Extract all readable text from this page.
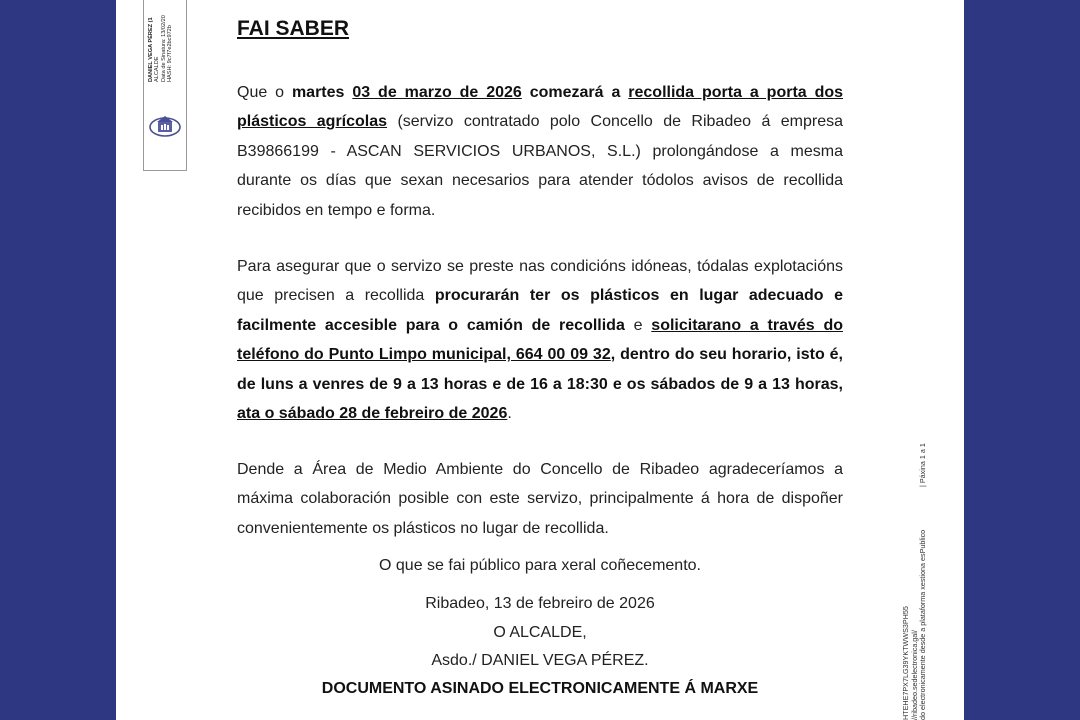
DANIEL VEGA PÉREZ (1 ALCALDE Data de Sinatura: 13/02/20 HASH: 9c7f7e2bc972b
HTEHE7PX7LG39YKTWWS3PH55 //ribadeo.sedelectronica.gal/ do electronicamente desde a plataforma xestiona esPublico
| Páxina 1 a 1
FAI SABER
Que o martes 03 de marzo de 2026 comezará a recollida porta a porta dos plásticos agrícolas (servizo contratado polo Concello de Ribadeo á empresa B39866199 - ASCAN SERVICIOS URBANOS, S.L.) prolongándose a mesma durante os días que sexan necesarios para atender tódolos avisos de recollida recibidos en tempo e forma.
Para asegurar que o servizo se preste nas condicións idóneas, tódalas explotacións que precisen a recollida procurarán ter os plásticos en lugar adecuado e facilmente accesible para o camión de recollida e solicitarano a través do teléfono do Punto Limpo municipal, 664 00 09 32, dentro do seu horario, isto é, de luns a venres de 9 a 13 horas e de 16 a 18:30 e os sábados de 9 a 13 horas, ata o sábado 28 de febreiro de 2026.
Dende a Área de Medio Ambiente do Concello de Ribadeo agradeceríamos a máxima colaboración posible con este servizo, principalmente á hora de dispoñer convenientemente os plásticos no lugar de recollida.
O que se fai público para xeral coñecemento.
Ribadeo, 13 de febreiro de 2026
O ALCALDE,
Asdo./ DANIEL VEGA PÉREZ.
DOCUMENTO ASINADO ELECTRONICAMENTE Á MARXE
